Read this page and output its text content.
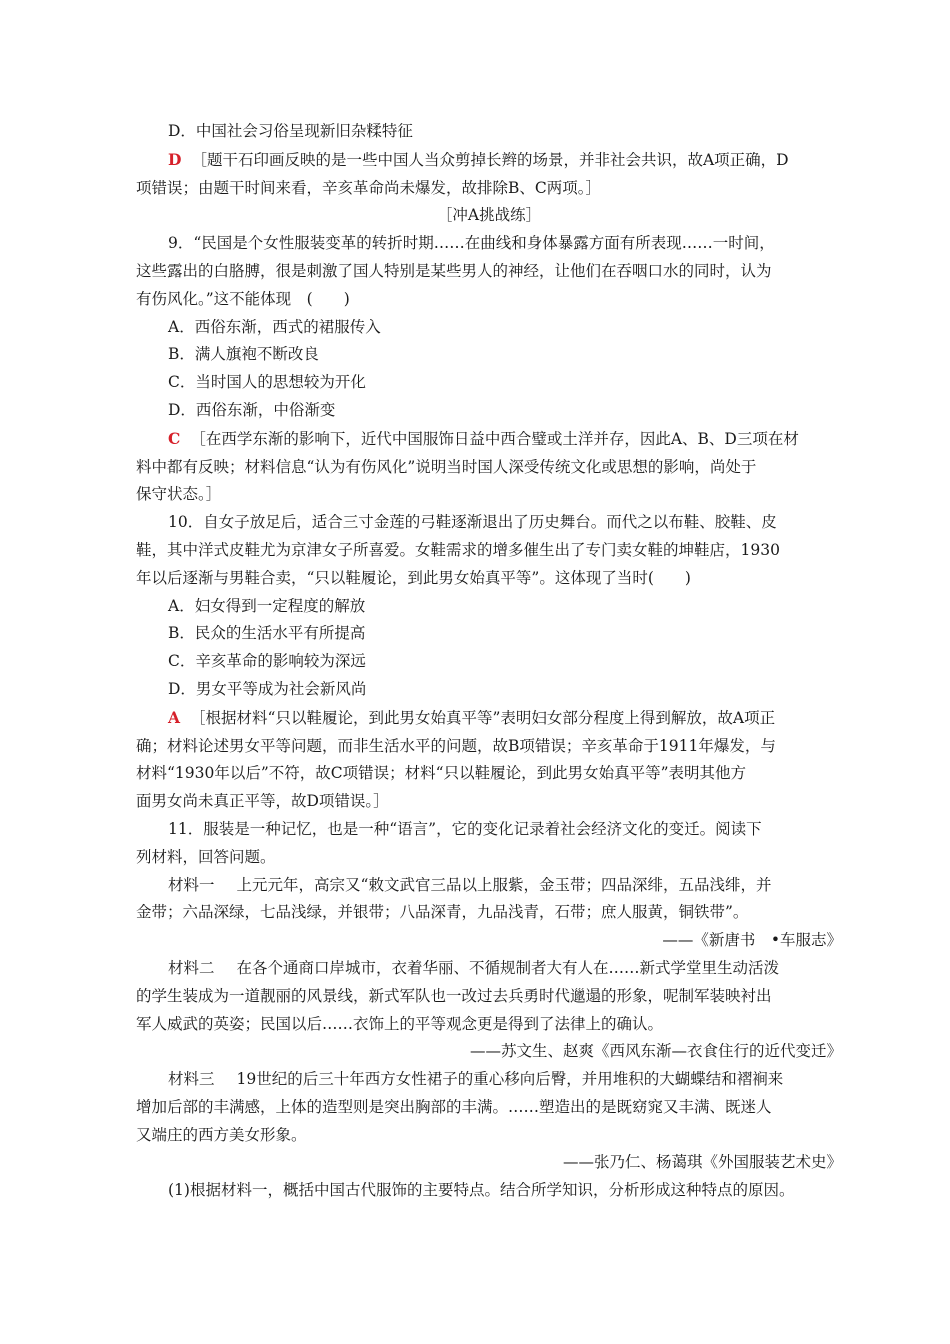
D．中国社会习俗呈现新旧杂糅特征
D ［题干石印画反映的是一些中国人当众剪掉长辫的场景，并非社会共识，故A项正确，D
项错误；由题干时间来看，辛亥革命尚未爆发，故排除B、C两项。］
［冲A挑战练］
9．“民国是个女性服装变革的转折时期……在曲线和身体暴露方面有所表现……一时间，
这些露出的白胳膊，很是刺激了国人特别是某些男人的神经，让他们在吞咽口水的同时，认为
有伤风化。”这不能体现　(　　)
A．西俗东渐，西式的裙服传入
B．满人旗袍不断改良
C．当时国人的思想较为开化
D．西俗东渐，中俗渐变
C ［在西学东渐的影响下，近代中国服饰日益中西合璧或土洋并存，因此A、B、D三项在材
料中都有反映；材料信息“认为有伤风化”说明当时国人深受传统文化或思想的影响，尚处于
保守状态。］
10．自女子放足后，适合三寸金莲的弓鞋逐渐退出了历史舞台。而代之以布鞋、胶鞋、皮
鞋，其中洋式皮鞋尤为京津女子所喜爱。女鞋需求的增多催生出了专门卖女鞋的坤鞋店，1930
年以后逐渐与男鞋合卖，“只以鞋履论，到此男女始真平等”。这体现了当时(　　)
A．妇女得到一定程度的解放
B．民众的生活水平有所提高
C．辛亥革命的影响较为深远
D．男女平等成为社会新风尚
A ［根据材料“只以鞋履论，到此男女始真平等”表明妇女部分程度上得到解放，故A项正
确；材料论述男女平等问题，而非生活水平的问题，故B项错误；辛亥革命于1911年爆发，与
材料“1930年以后”不符，故C项错误；材料“只以鞋履论，到此男女始真平等”表明其他方
面男女尚未真正平等，故D项错误。］
11．服装是一种记忆，也是一种“语言”，它的变化记录着社会经济文化的变迁。阅读下
列材料，回答问题。
材料一 上元元年，高宗又“敕文武官三品以上服紫，金玉带；四品深绯，五品浅绯，并
金带；六品深绿，七品浅绿，并银带；八品深青，九品浅青，石带；庶人服黄，铜铁带”。
——《新唐书　•车服志》
材料二 在各个通商口岸城市，衣着华丽、不循规制者大有人在……新式学堂里生动活泼
的学生装成为一道靓丽的风景线，新式军队也一改过去兵勇时代邋遢的形象，呢制军装映衬出
军人威武的英姿；民国以后……衣饰上的平等观念更是得到了法律上的确认。
——苏文生、赵爽《西风东渐—衣食住行的近代变迁》
材料三 19世纪的后三十年西方女性裙子的重心移向后臀，并用堆积的大蝴蝶结和褶裥来
增加后部的丰满感，上体的造型则是突出胸部的丰满。……塑造出的是既窈窕又丰满、既迷人
又端庄的西方美女形象。
——张乃仁、杨蔼琪《外国服装艺术史》
(1)根据材料一，概括中国古代服饰的主要特点。结合所学知识，分析形成这种特点的原因。
